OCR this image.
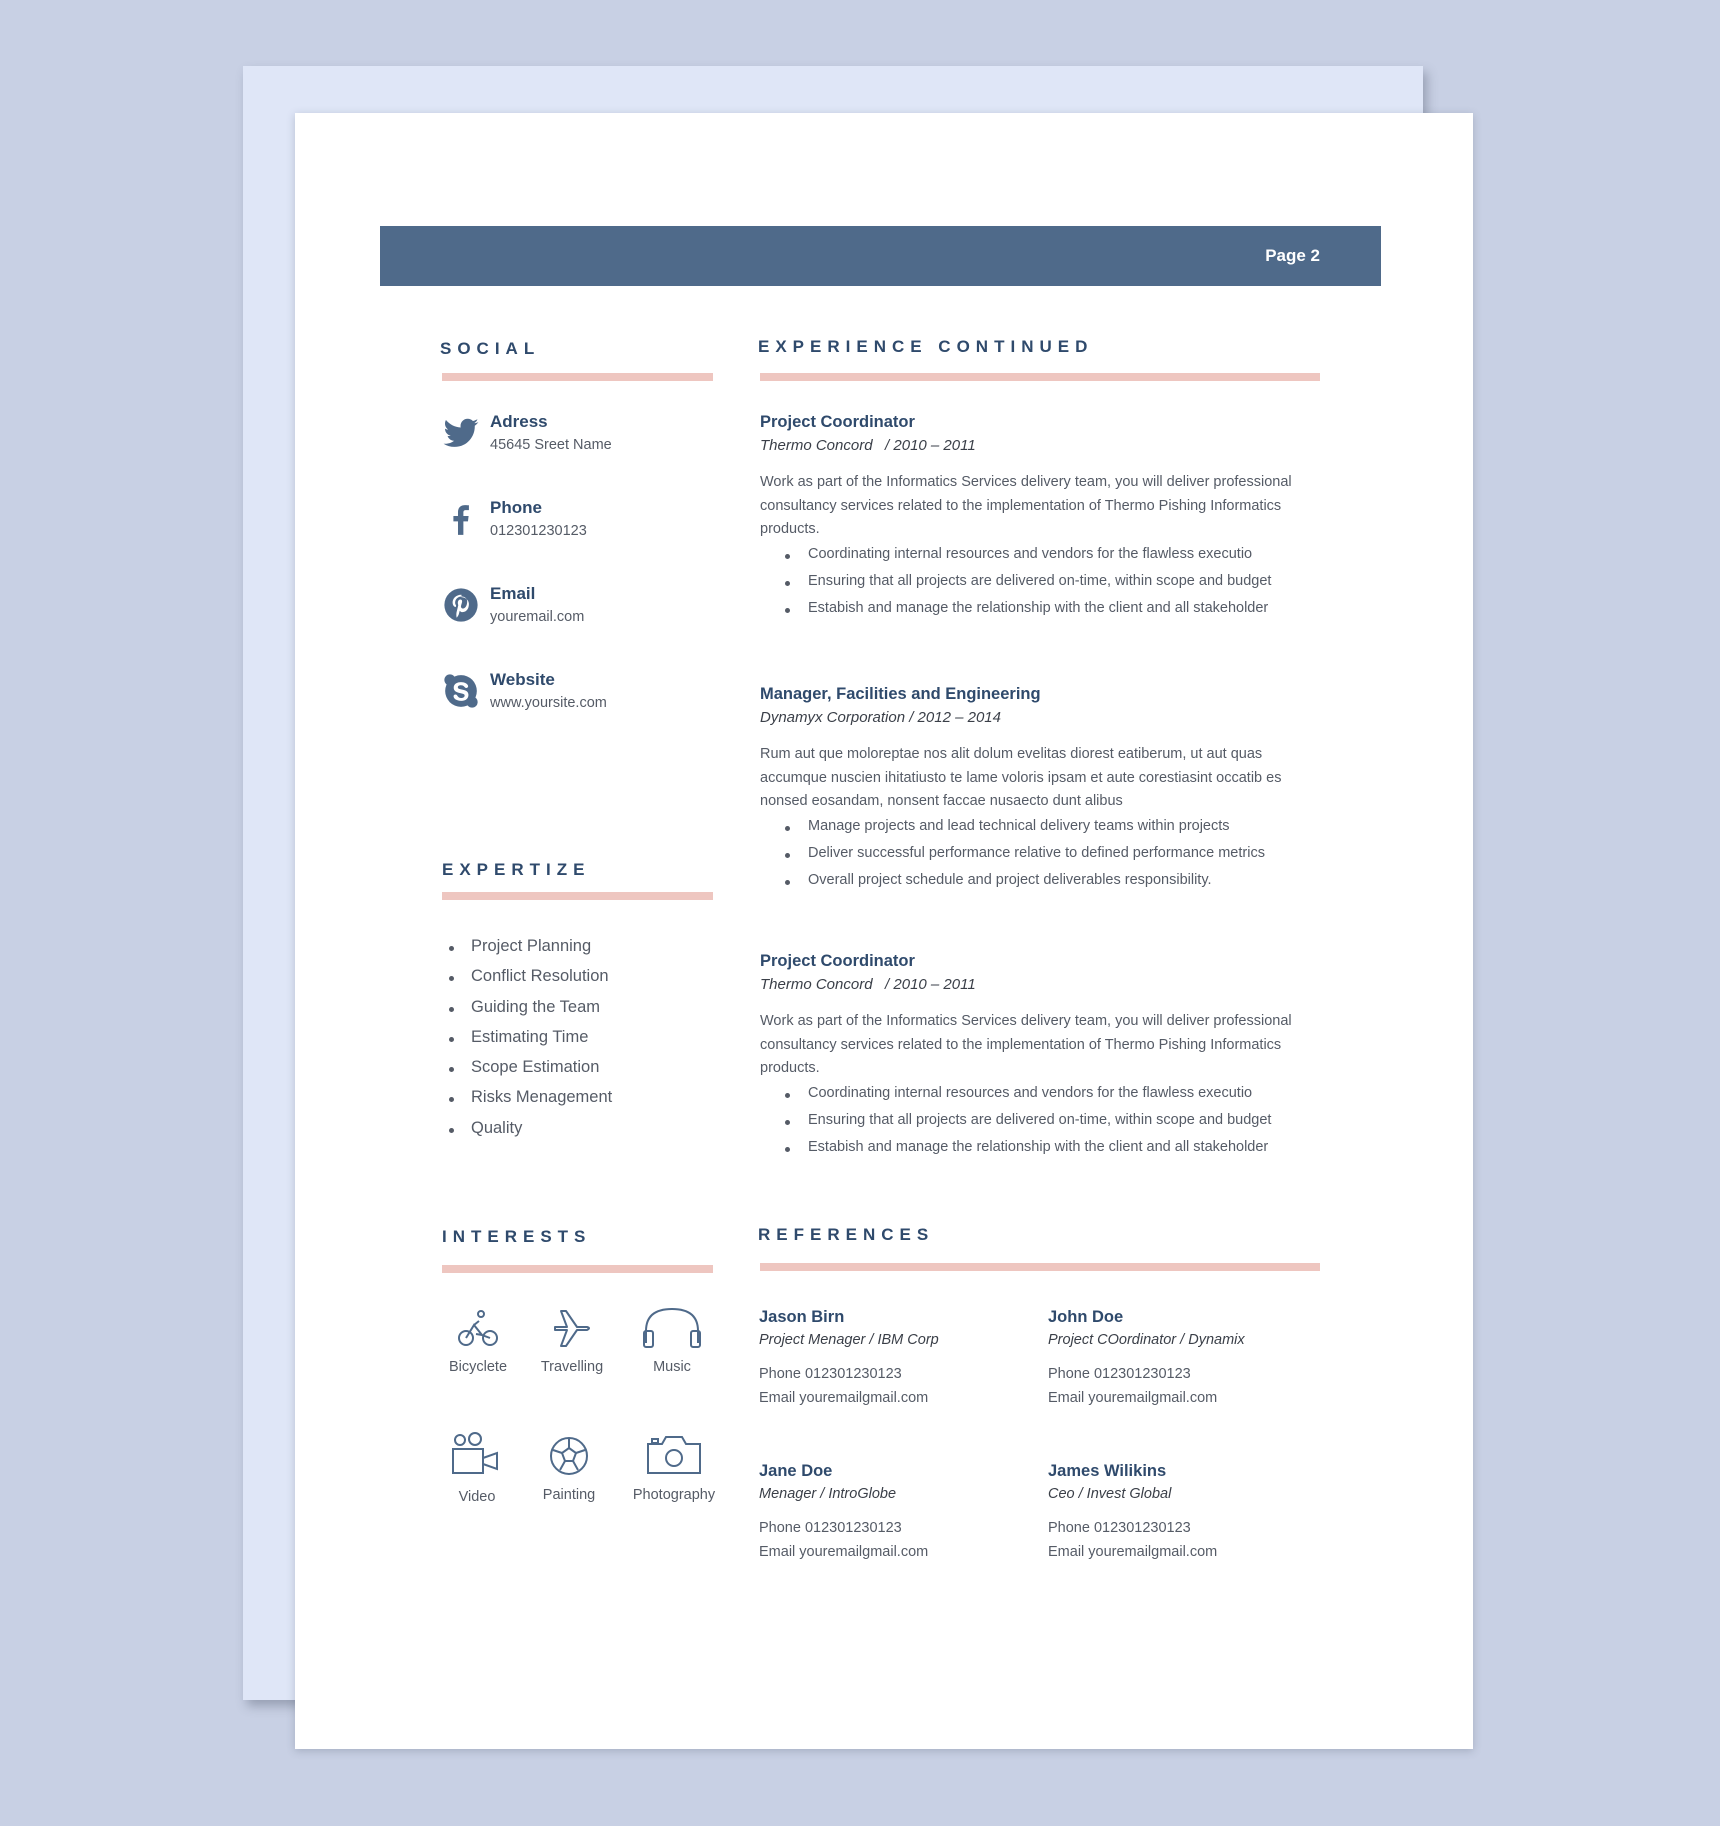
Page 2
SOCIAL
Adress
45645 Sreet Name
Phone
012301230123
Email
youremail.com
Website
www.yoursite.com
EXPERTIZE
Project Planning
Conflict Resolution
Guiding the Team
Estimating Time
Scope Estimation
Risks Menagement
Quality
INTERESTS
Bicyclete	Travelling	Music
Video	Painting	Photography
EXPERIENCE CONTINUED
Project Coordinator
Thermo Concord   / 2010 – 2011
Work as part of the Informatics Services delivery team, you will deliver professional consultancy services related to the implementation of Thermo Pishing Informatics products.
Coordinating internal resources and vendors for the flawless executio
Ensuring that all projects are delivered on-time, within scope and budget
Estabish and manage the relationship with the client and all stakeholder
Manager, Facilities and Engineering
Dynamyx Corporation / 2012 – 2014
Rum aut que moloreptae nos alit dolum evelitas diorest eatiberum, ut aut quas accumque nuscien ihitatiusto te lame voloris ipsam et aute corestiasint occatib es nonsed eosandam, nonsent faccae nusaecto dunt alibus
Manage projects and lead technical delivery teams within projects
Deliver successful performance relative to defined performance metrics
Overall project schedule and project deliverables responsibility.
Project Coordinator
Thermo Concord   / 2010 – 2011
Work as part of the Informatics Services delivery team, you will deliver professional consultancy services related to the implementation of Thermo Pishing Informatics products.
Coordinating internal resources and vendors for the flawless executio
Ensuring that all projects are delivered on-time, within scope and budget
Estabish and manage the relationship with the client and all stakeholder
REFERENCES
Jason Birn
Project Menager / IBM Corp
Phone 012301230123
Email youremailgmail.com
John Doe
Project COordinator / Dynamix
Phone 012301230123
Email youremailgmail.com
Jane Doe
Menager / IntroGlobe
Phone 012301230123
Email youremailgmail.com
James Wilikins
Ceo / Invest Global
Phone 012301230123
Email youremailgmail.com
